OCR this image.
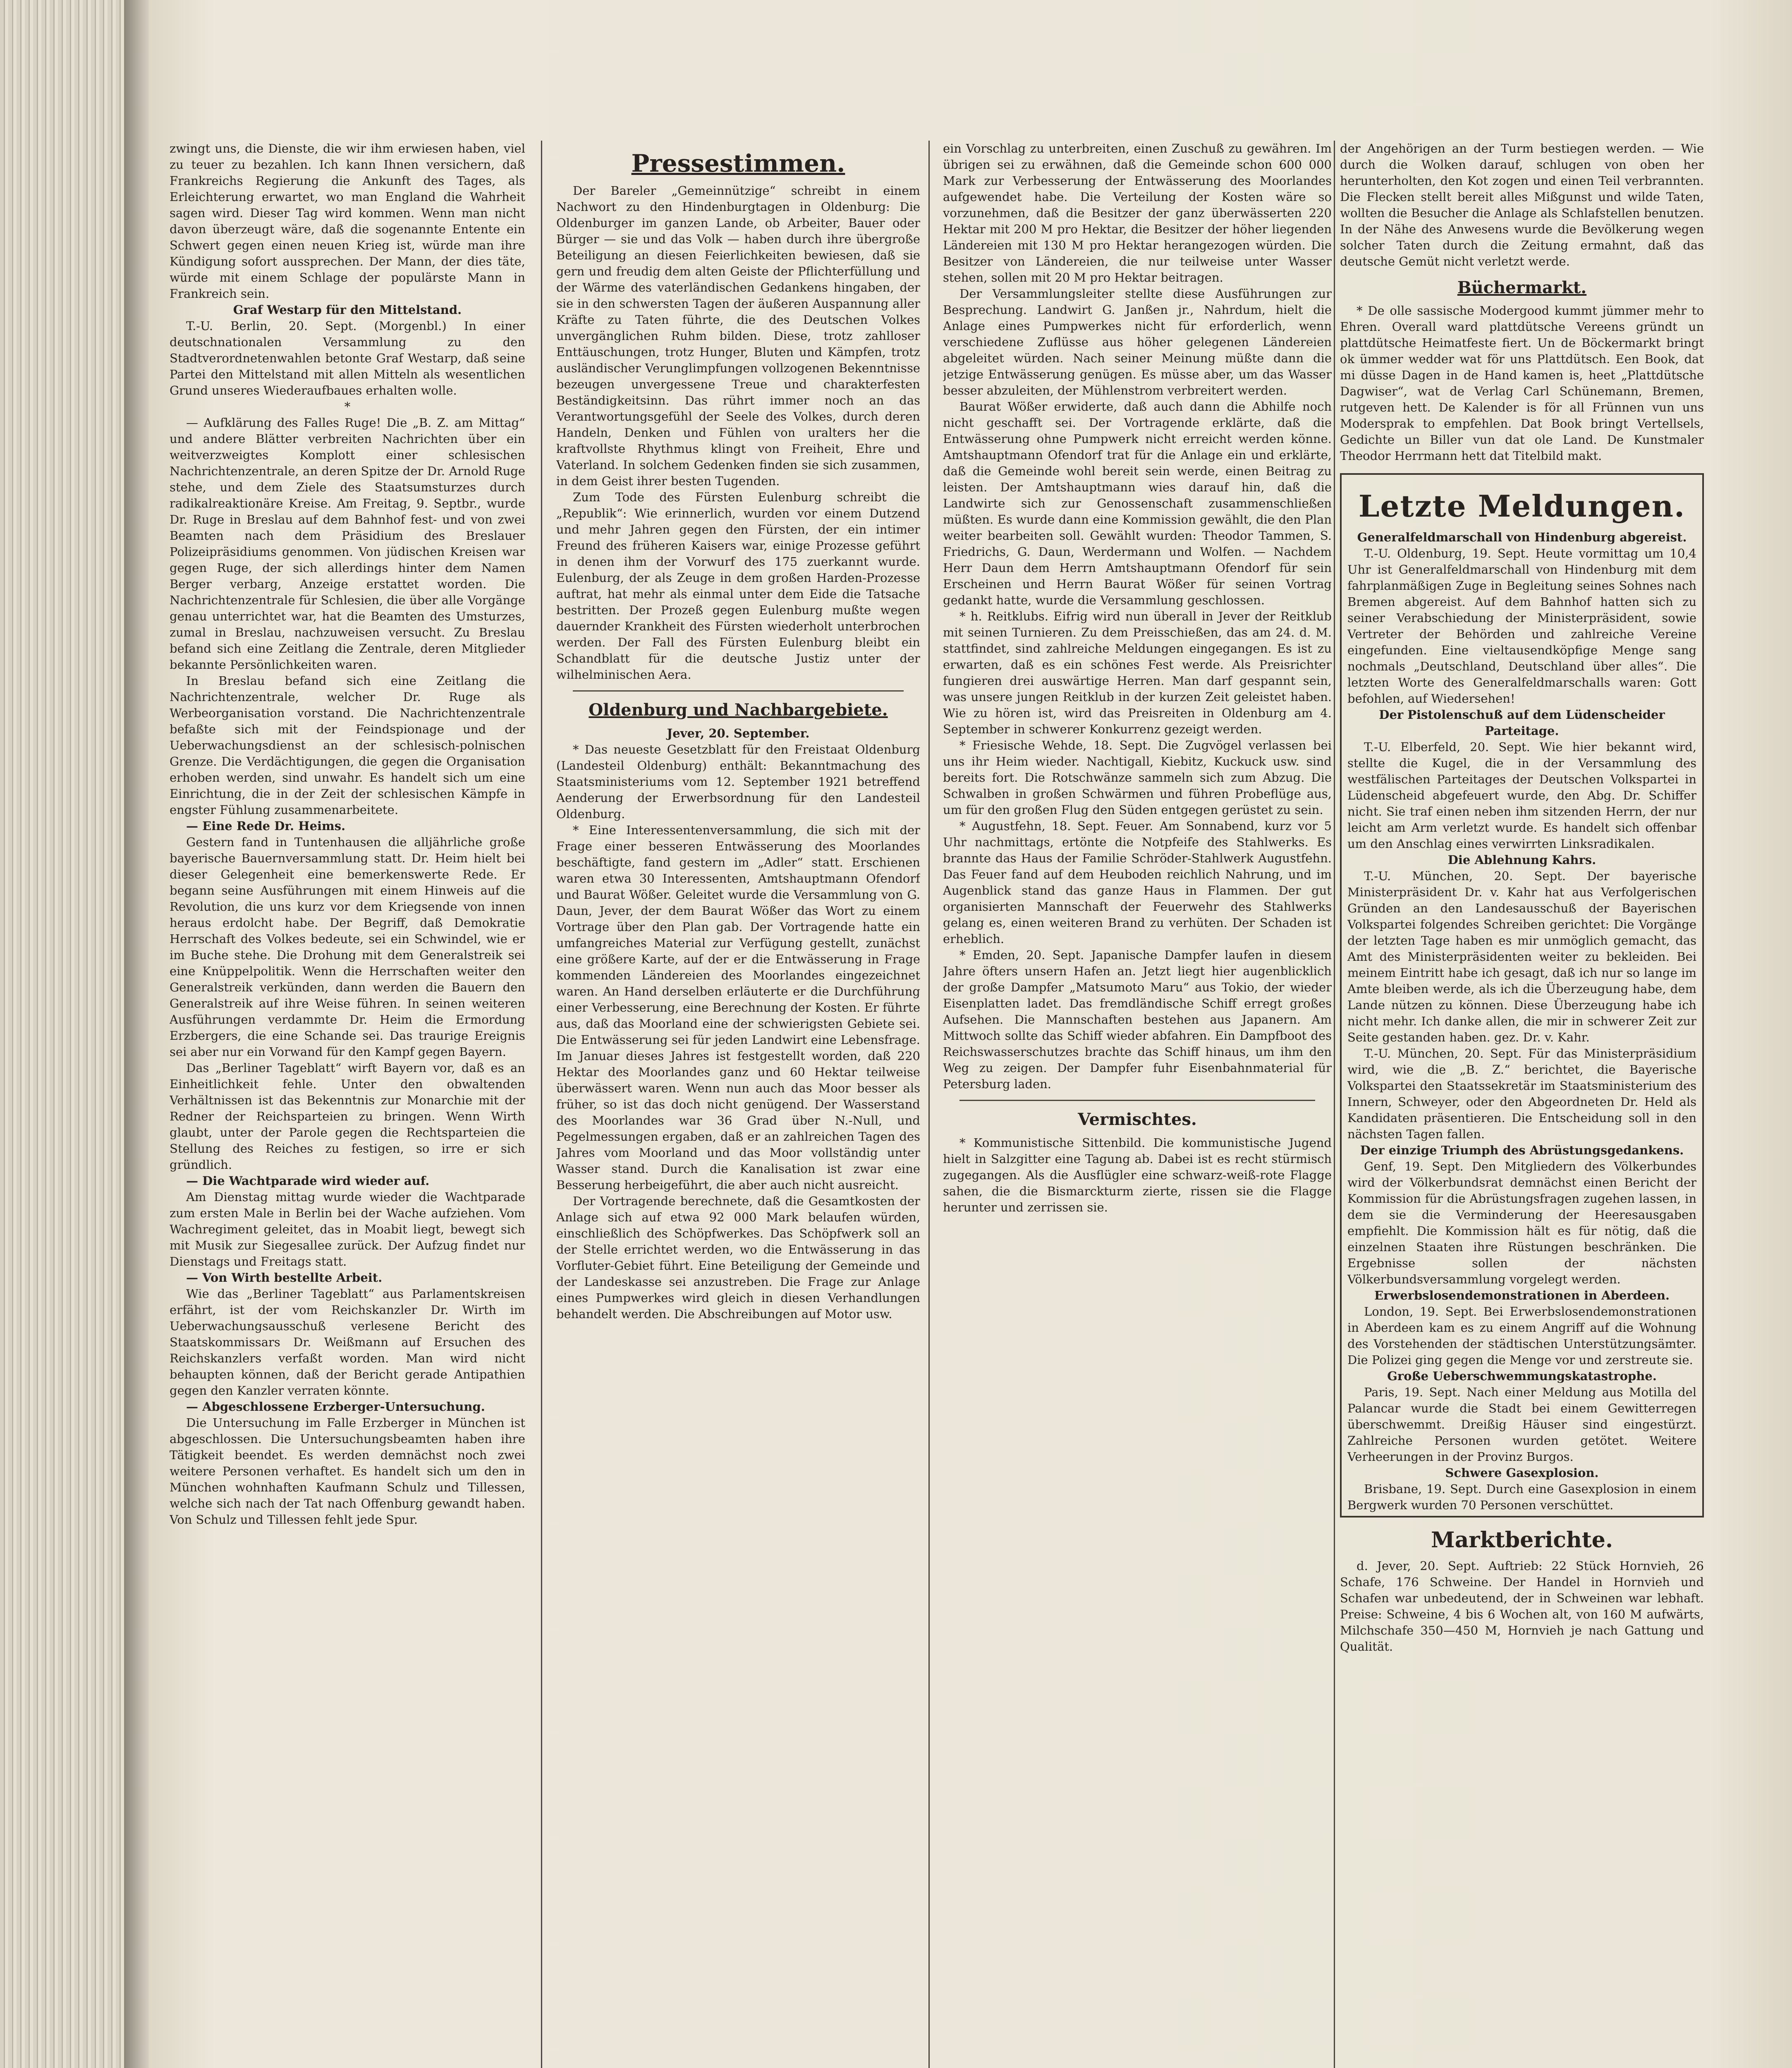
zwingt uns, die Dienste, die wir ihm erwiesen haben, viel zu teuer zu bezahlen. Ich kann Ihnen versichern, daß Frankreichs Regierung die Ankunft des Tages, als Erleichterung erwartet, wo man England die Wahrheit sagen wird. Dieser Tag wird kommen. Wenn man nicht davon überzeugt wäre, daß die sogenannte Entente ein Schwert gegen einen neuen Krieg ist, würde man ihre Kündigung sofort aussprechen. Der Mann, der dies täte, würde mit einem Schlage der populärste Mann in Frankreich sein.

Graf Westarp für den Mittelstand.

T.-U. Berlin, 20. Sept. (Morgenbl.) In einer deutschnationalen Versammlung zu den Stadtverordnetenwahlen betonte Graf Westarp, daß seine Partei den Mittelstand mit allen Mitteln als wesentlichen Grund unseres Wiederaufbaues erhalten wolle.

*

— Aufklärung des Falles Ruge! Die „B. Z. am Mittag“ und andere Blätter verbreiten Nachrichten über ein weitverzweigtes Komplott einer schlesischen Nachrichtenzentrale, an deren Spitze der Dr. Arnold Ruge stehe, und dem Ziele des Staatsumsturzes durch radikalreaktionäre Kreise. Am Freitag, 9. Septbr., wurde Dr. Ruge in Breslau auf dem Bahnhof fest- und von zwei Beamten nach dem Präsidium des Breslauer Polizeipräsidiums genommen. Von jüdischen Kreisen war gegen Ruge, der sich allerdings hinter dem Namen Berger verbarg, Anzeige erstattet worden. Die Nachrichtenzentrale für Schlesien, die über alle Vorgänge genau unterrichtet war, hat die Beamten des Umsturzes, zumal in Breslau, nachzuweisen versucht. Zu Breslau befand sich eine Zeitlang die Zentrale, deren Mitglieder bekannte Persönlichkeiten waren.

In Breslau befand sich eine Zeitlang die Nachrichtenzentrale, welcher Dr. Ruge als Werbeorganisation vorstand. Die Nachrichtenzentrale befaßte sich mit der Feindspionage und der Ueberwachungsdienst an der schlesisch-polnischen Grenze. Die Verdächtigungen, die gegen die Organisation erhoben werden, sind unwahr. Es handelt sich um eine Einrichtung, die in der Zeit der schlesischen Kämpfe in engster Fühlung zusammenarbeitete.

— Eine Rede Dr. Heims.

Gestern fand in Tuntenhausen die alljährliche große bayerische Bauernversammlung statt. Dr. Heim hielt bei dieser Gelegenheit eine bemerkenswerte Rede. Er begann seine Ausführungen mit einem Hinweis auf die Revolution, die uns kurz vor dem Kriegsende von innen heraus erdolcht habe. Der Begriff, daß Demokratie Herrschaft des Volkes bedeute, sei ein Schwindel, wie er im Buche stehe. Die Drohung mit dem Generalstreik sei eine Knüppelpolitik. Wenn die Herrschaften weiter den Generalstreik verkünden, dann werden die Bauern den Generalstreik auf ihre Weise führen. In seinen weiteren Ausführungen verdammte Dr. Heim die Ermordung Erzbergers, die eine Schande sei. Das traurige Ereignis sei aber nur ein Vorwand für den Kampf gegen Bayern.

Das „Berliner Tageblatt“ wirft Bayern vor, daß es an Einheitlichkeit fehle. Unter den obwaltenden Verhältnissen ist das Bekenntnis zur Monarchie mit der Redner der Reichsparteien zu bringen. Wenn Wirth glaubt, unter der Parole gegen die Rechtsparteien die Stellung des Reiches zu festigen, so irre er sich gründlich.

— Die Wachtparade wird wieder auf.

Am Dienstag mittag wurde wieder die Wachtparade zum ersten Male in Berlin bei der Wache aufziehen. Vom Wachregiment geleitet, das in Moabit liegt, bewegt sich mit Musik zur Siegesallee zurück. Der Aufzug findet nur Dienstags und Freitags statt.

— Von Wirth bestellte Arbeit.

Wie das „Berliner Tageblatt“ aus Parlamentskreisen erfährt, ist der vom Reichskanzler Dr. Wirth im Ueberwachungsausschuß verlesene Bericht des Staatskommissars Dr. Weißmann auf Ersuchen des Reichskanzlers verfaßt worden. Man wird nicht behaupten können, daß der Bericht gerade Antipathien gegen den Kanzler verraten könnte.

— Abgeschlossene Erzberger-Untersuchung.

Die Untersuchung im Falle Erzberger in München ist abgeschlossen. Die Untersuchungsbeamten haben ihre Tätigkeit beendet. Es werden demnächst noch zwei weitere Personen verhaftet. Es handelt sich um den in München wohnhaften Kaufmann Schulz und Tillessen, welche sich nach der Tat nach Offenburg gewandt haben. Von Schulz und Tillessen fehlt jede Spur.

Pressestimmen.

Der Bareler „Gemeinnützige“ schreibt in einem Nachwort zu den Hindenburgtagen in Oldenburg: Die Oldenburger im ganzen Lande, ob Arbeiter, Bauer oder Bürger — sie und das Volk — haben durch ihre übergroße Beteiligung an diesen Feierlichkeiten bewiesen, daß sie gern und freudig dem alten Geiste der Pflichterfüllung und der Wärme des vaterländischen Gedankens hingaben, der sie in den schwersten Tagen der äußeren Auspannung aller Kräfte zu Taten führte, die des Deutschen Volkes unvergänglichen Ruhm bilden. Diese, trotz zahlloser Enttäuschungen, trotz Hunger, Bluten und Kämpfen, trotz ausländischer Verunglimpfungen vollzogenen Bekenntnisse bezeugen unvergessene Treue und charakterfesten Beständigkeitsinn. Das rührt immer noch an das Verantwortungsgefühl der Seele des Volkes, durch deren Handeln, Denken und Fühlen von uralters her die kraftvollste Rhythmus klingt von Freiheit, Ehre und Vaterland. In solchem Gedenken finden sie sich zusammen, in dem Geist ihrer besten Tugenden.

Zum Tode des Fürsten Eulenburg schreibt die „Republik“: Wie erinnerlich, wurden vor einem Dutzend und mehr Jahren gegen den Fürsten, der ein intimer Freund des früheren Kaisers war, einige Prozesse geführt in denen ihm der Vorwurf des 175 zuerkannt wurde. Eulenburg, der als Zeuge in dem großen Harden-Prozesse auftrat, hat mehr als einmal unter dem Eide die Tatsache bestritten. Der Prozeß gegen Eulenburg mußte wegen dauernder Krankheit des Fürsten wiederholt unterbrochen werden. Der Fall des Fürsten Eulenburg bleibt ein Schandblatt für die deutsche Justiz unter der wilhelminischen Aera.

Oldenburg und Nachbargebiete.

Jever, 20. September.

* Das neueste Gesetzblatt für den Freistaat Oldenburg (Landesteil Oldenburg) enthält: Bekanntmachung des Staatsministeriums vom 12. September 1921 betreffend Aenderung der Erwerbsordnung für den Landesteil Oldenburg.

* Eine Interessentenversammlung, die sich mit der Frage einer besseren Entwässerung des Moorlandes beschäftigte, fand gestern im „Adler“ statt. Erschienen waren etwa 30 Interessenten, Amtshauptmann Ofendorf und Baurat Wößer. Geleitet wurde die Versammlung von G. Daun, Jever, der dem Baurat Wößer das Wort zu einem Vortrage über den Plan gab. Der Vortragende hatte ein umfangreiches Material zur Verfügung gestellt, zunächst eine größere Karte, auf der er die Entwässerung in Frage kommenden Ländereien des Moorlandes eingezeichnet waren. An Hand derselben erläuterte er die Durchführung einer Verbesserung, eine Berechnung der Kosten. Er führte aus, daß das Moorland eine der schwierigsten Gebiete sei. Die Entwässerung sei für jeden Landwirt eine Lebensfrage. Im Januar dieses Jahres ist festgestellt worden, daß 220 Hektar des Moorlandes ganz und 60 Hektar teilweise überwässert waren. Wenn nun auch das Moor besser als früher, so ist das doch nicht genügend. Der Wasserstand des Moorlandes war 36 Grad über N.-Null, und Pegelmessungen ergaben, daß er an zahlreichen Tagen des Jahres vom Moorland und das Moor vollständig unter Wasser stand. Durch die Kanalisation ist zwar eine Besserung herbeigeführt, die aber auch nicht ausreicht.

Der Vortragende berechnete, daß die Gesamtkosten der Anlage sich auf etwa 92 000 Mark belaufen würden, einschließlich des Schöpfwerkes. Das Schöpfwerk soll an der Stelle errichtet werden, wo die Entwässerung in das Vorfluter-Gebiet führt. Eine Beteiligung der Gemeinde und der Landeskasse sei anzustreben. Die Frage zur Anlage eines Pumpwerkes wird gleich in diesen Verhandlungen behandelt werden. Die Abschreibungen auf Motor usw.

ein Vorschlag zu unterbreiten, einen Zuschuß zu gewähren. Im übrigen sei zu erwähnen, daß die Gemeinde schon 600 000 Mark zur Verbesserung der Entwässerung des Moorlandes aufgewendet habe. Die Verteilung der Kosten wäre so vorzunehmen, daß die Besitzer der ganz überwässerten 220 Hektar mit 200 M pro Hektar, die Besitzer der höher liegenden Ländereien mit 130 M pro Hektar herangezogen würden. Die Besitzer von Ländereien, die nur teilweise unter Wasser stehen, sollen mit 20 M pro Hektar beitragen.

Der Versammlungsleiter stellte diese Ausführungen zur Besprechung. Landwirt G. Janßen jr., Nahrdum, hielt die Anlage eines Pumpwerkes nicht für erforderlich, wenn verschiedene Zuflüsse aus höher gelegenen Ländereien abgeleitet würden. Nach seiner Meinung müßte dann die jetzige Entwässerung genügen. Es müsse aber, um das Wasser besser abzuleiten, der Mühlenstrom verbreitert werden.

Baurat Wößer erwiderte, daß auch dann die Abhilfe noch nicht geschafft sei. Der Vortragende erklärte, daß die Entwässerung ohne Pumpwerk nicht erreicht werden könne. Amtshauptmann Ofendorf trat für die Anlage ein und erklärte, daß die Gemeinde wohl bereit sein werde, einen Beitrag zu leisten. Der Amtshauptmann wies darauf hin, daß die Landwirte sich zur Genossenschaft zusammenschließen müßten. Es wurde dann eine Kommission gewählt, die den Plan weiter bearbeiten soll. Gewählt wurden: Theodor Tammen, S. Friedrichs, G. Daun, Werdermann und Wolfen. — Nachdem Herr Daun dem Herrn Amtshauptmann Ofendorf für sein Erscheinen und Herrn Baurat Wößer für seinen Vortrag gedankt hatte, wurde die Versammlung geschlossen.

* h. Reitklubs. Eifrig wird nun überall in Jever der Reitklub mit seinen Turnieren. Zu dem Preisschießen, das am 24. d. M. stattfindet, sind zahlreiche Meldungen eingegangen. Es ist zu erwarten, daß es ein schönes Fest werde. Als Preisrichter fungieren drei auswärtige Herren. Man darf gespannt sein, was unsere jungen Reitklub in der kurzen Zeit geleistet haben. Wie zu hören ist, wird das Preisreiten in Oldenburg am 4. September in schwerer Konkurrenz gezeigt werden.

* Friesische Wehde, 18. Sept. Die Zugvögel verlassen bei uns ihr Heim wieder. Nachtigall, Kiebitz, Kuckuck usw. sind bereits fort. Die Rotschwänze sammeln sich zum Abzug. Die Schwalben in großen Schwärmen und führen Probeflüge aus, um für den großen Flug den Süden entgegen gerüstet zu sein.

* Augustfehn, 18. Sept. Feuer. Am Sonnabend, kurz vor 5 Uhr nachmittags, ertönte die Notpfeife des Stahlwerks. Es brannte das Haus der Familie Schröder-Stahlwerk Augustfehn. Das Feuer fand auf dem Heuboden reichlich Nahrung, und im Augenblick stand das ganze Haus in Flammen. Der gut organisierten Mannschaft der Feuerwehr des Stahlwerks gelang es, einen weiteren Brand zu verhüten. Der Schaden ist erheblich.

* Emden, 20. Sept. Japanische Dampfer laufen in diesem Jahre öfters unsern Hafen an. Jetzt liegt hier augenblicklich der große Dampfer „Matsumoto Maru“ aus Tokio, der wieder Eisenplatten ladet. Das fremdländische Schiff erregt großes Aufsehen. Die Mannschaften bestehen aus Japanern. Am Mittwoch sollte das Schiff wieder abfahren. Ein Dampfboot des Reichswasserschutzes brachte das Schiff hinaus, um ihm den Weg zu zeigen. Der Dampfer fuhr Eisenbahnmaterial für Petersburg laden.

Vermischtes.

* Kommunistische Sittenbild. Die kommunistische Jugend hielt in Salzgitter eine Tagung ab. Dabei ist es recht stürmisch zugegangen. Als die Ausflügler eine schwarz-weiß-rote Flagge sahen, die die Bismarckturm zierte, rissen sie die Flagge herunter und zerrissen sie.

der Angehörigen an der Turm bestiegen werden. — Wie durch die Wolken darauf, schlugen von oben her herunterholten, den Kot zogen und einen Teil verbrannten. Die Flecken stellt bereit alles Mißgunst und wilde Taten, wollten die Besucher die Anlage als Schlafstellen benutzen. In der Nähe des Anwesens wurde die Bevölkerung wegen solcher Taten durch die Zeitung ermahnt, daß das deutsche Gemüt nicht verletzt werde.

Büchermarkt.

* De olle sassische Modergood kummt jümmer mehr to Ehren. Overall ward plattdütsche Vereens gründt un plattdütsche Heimatfeste fiert. Un de Böckermarkt bringt ok ümmer wedder wat för uns Plattdütsch. Een Book, dat mi düsse Dagen in de Hand kamen is, heet „Plattdütsche Dagwiser“, wat de Verlag Carl Schünemann, Bremen, rutgeven hett. De Kalender is för all Frünnen vun uns Modersprak to empfehlen. Dat Book bringt Vertellsels, Gedichte un Biller vun dat ole Land. De Kunstmaler Theodor Herrmann hett dat Titelbild makt.

Letzte Meldungen.

Generalfeldmarschall von Hindenburg abgereist.

T.-U. Oldenburg, 19. Sept. Heute vormittag um 10,4 Uhr ist Generalfeldmarschall von Hindenburg mit dem fahrplanmäßigen Zuge in Begleitung seines Sohnes nach Bremen abgereist. Auf dem Bahnhof hatten sich zu seiner Verabschiedung der Ministerpräsident, sowie Vertreter der Behörden und zahlreiche Vereine eingefunden. Eine vieltausendköpfige Menge sang nochmals „Deutschland, Deutschland über alles“. Die letzten Worte des Generalfeldmarschalls waren: Gott befohlen, auf Wiedersehen!

Der Pistolenschuß auf dem Lüdenscheider Parteitage.

T.-U. Elberfeld, 20. Sept. Wie hier bekannt wird, stellte die Kugel, die in der Versammlung des westfälischen Parteitages der Deutschen Volkspartei in Lüdenscheid abgefeuert wurde, den Abg. Dr. Schiffer nicht. Sie traf einen neben ihm sitzenden Herrn, der nur leicht am Arm verletzt wurde. Es handelt sich offenbar um den Anschlag eines verwirrten Linksradikalen.

Die Ablehnung Kahrs.

T.-U. München, 20. Sept. Der bayerische Ministerpräsident Dr. v. Kahr hat aus Verfolgerischen Gründen an den Landesausschuß der Bayerischen Volkspartei folgendes Schreiben gerichtet: Die Vorgänge der letzten Tage haben es mir unmöglich gemacht, das Amt des Ministerpräsidenten weiter zu bekleiden. Bei meinem Eintritt habe ich gesagt, daß ich nur so lange im Amte bleiben werde, als ich die Überzeugung habe, dem Lande nützen zu können. Diese Überzeugung habe ich nicht mehr. Ich danke allen, die mir in schwerer Zeit zur Seite gestanden haben. gez. Dr. v. Kahr.

T.-U. München, 20. Sept. Für das Ministerpräsidium wird, wie die „B. Z.“ berichtet, die Bayerische Volkspartei den Staatssekretär im Staatsministerium des Innern, Schweyer, oder den Abgeordneten Dr. Held als Kandidaten präsentieren. Die Entscheidung soll in den nächsten Tagen fallen.

Der einzige Triumph des Abrüstungsgedankens.

Genf, 19. Sept. Den Mitgliedern des Völkerbundes wird der Völkerbundsrat demnächst einen Bericht der Kommission für die Abrüstungsfragen zugehen lassen, in dem sie die Verminderung der Heeresausgaben empfiehlt. Die Kommission hält es für nötig, daß die einzelnen Staaten ihre Rüstungen beschränken. Die Ergebnisse sollen der nächsten Völkerbundsversammlung vorgelegt werden.

Erwerbslosendemonstrationen in Aberdeen.

London, 19. Sept. Bei Erwerbslosendemonstrationen in Aberdeen kam es zu einem Angriff auf die Wohnung des Vorstehenden der städtischen Unterstützungsämter. Die Polizei ging gegen die Menge vor und zerstreute sie.

Große Ueberschwemmungskatastrophe.

Paris, 19. Sept. Nach einer Meldung aus Motilla del Palancar wurde die Stadt bei einem Gewitterregen überschwemmt. Dreißig Häuser sind eingestürzt. Zahlreiche Personen wurden getötet. Weitere Verheerungen in der Provinz Burgos.

Schwere Gasexplosion.

Brisbane, 19. Sept. Durch eine Gasexplosion in einem Bergwerk wurden 70 Personen verschüttet.

Marktberichte.

d. Jever, 20. Sept. Auftrieb: 22 Stück Hornvieh, 26 Schafe, 176 Schweine. Der Handel in Hornvieh und Schafen war unbedeutend, der in Schweinen war lebhaft. Preise: Schweine, 4 bis 6 Wochen alt, von 160 M aufwärts, Milchschafe 350—450 M, Hornvieh je nach Gattung und Qualität.
